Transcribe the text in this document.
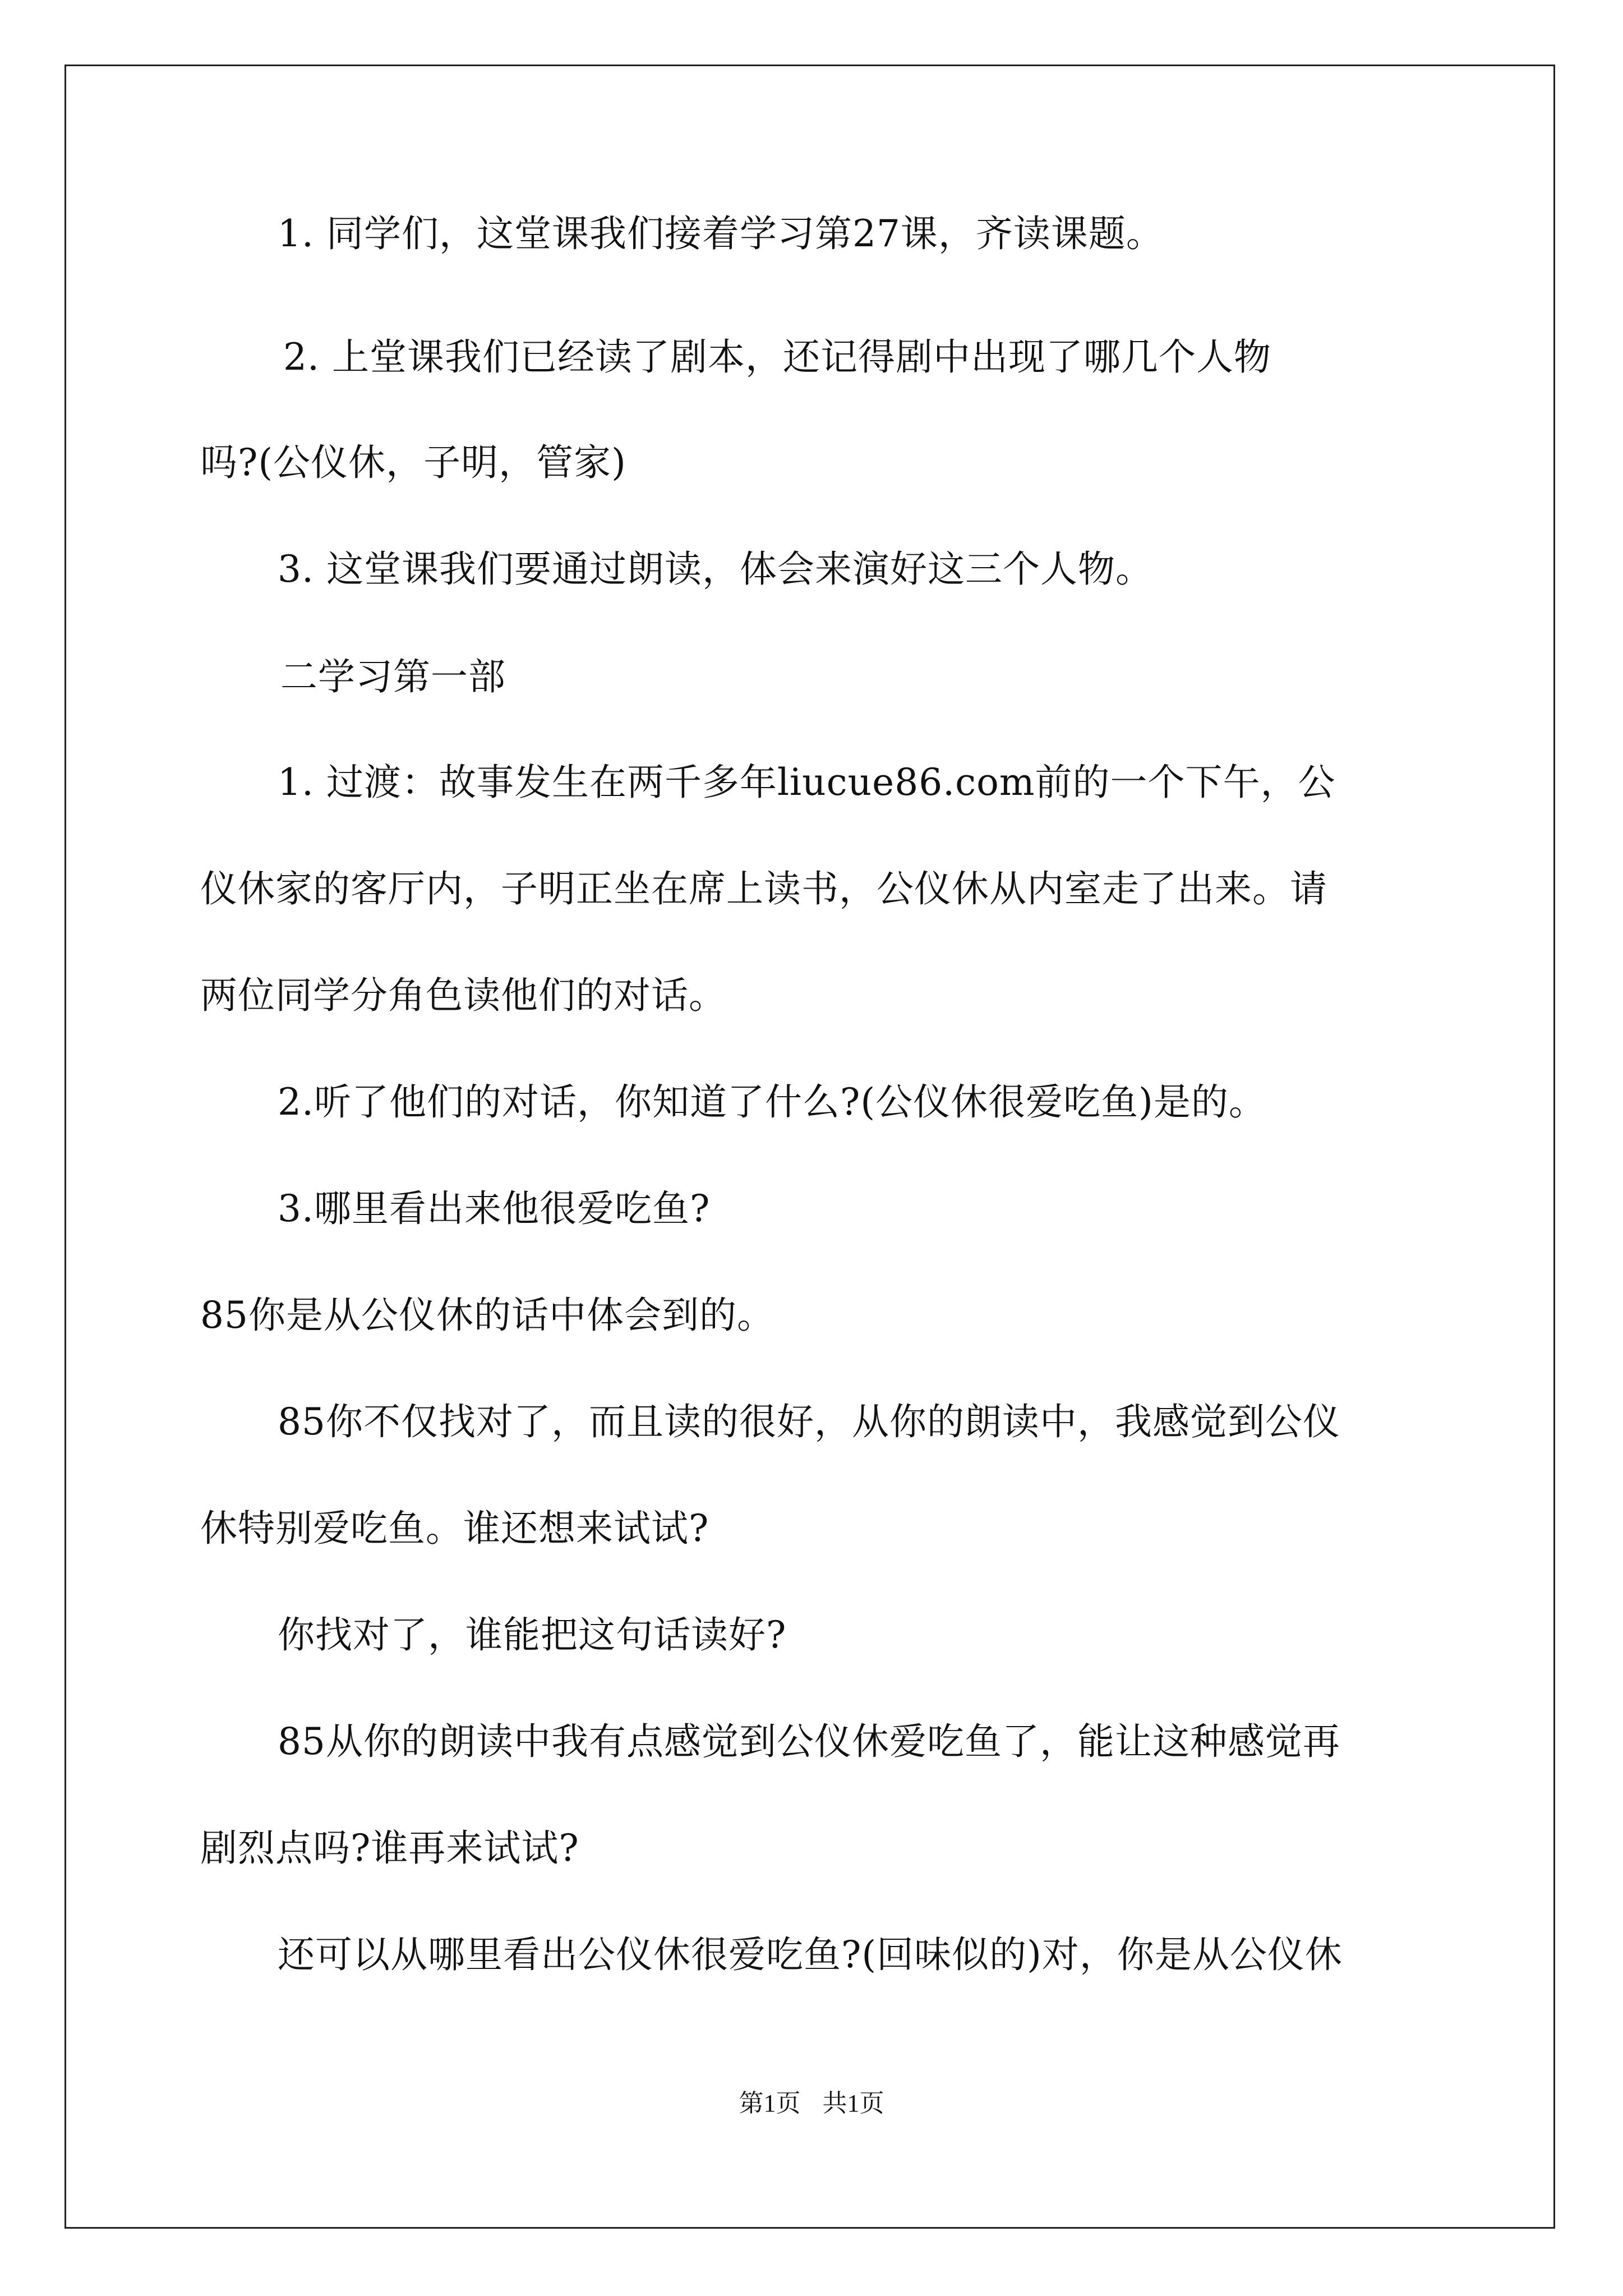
1. 同学们，这堂课我们接着学习第27课，齐读课题。
2. 上堂课我们已经读了剧本，还记得剧中出现了哪几个人物
吗?(公仪休，子明，管家)
3. 这堂课我们要通过朗读，体会来演好这三个人物。
二学习第一部
1. 过渡：故事发生在两千多年liucue86.com前的一个下午，公
仪休家的客厅内，子明正坐在席上读书，公仪休从内室走了出来。请
两位同学分角色读他们的对话。
2.听了他们的对话，你知道了什么?(公仪休很爱吃鱼)是的。
3.哪里看出来他很爱吃鱼?
85你是从公仪休的话中体会到的。
85你不仅找对了，而且读的很好，从你的朗读中，我感觉到公仪
休特别爱吃鱼。谁还想来试试?
你找对了，谁能把这句话读好?
85从你的朗读中我有点感觉到公仪休爱吃鱼了，能让这种感觉再
剧烈点吗?谁再来试试?
还可以从哪里看出公仪休很爱吃鱼?(回味似的)对，你是从公仪休
第1页 共1页
